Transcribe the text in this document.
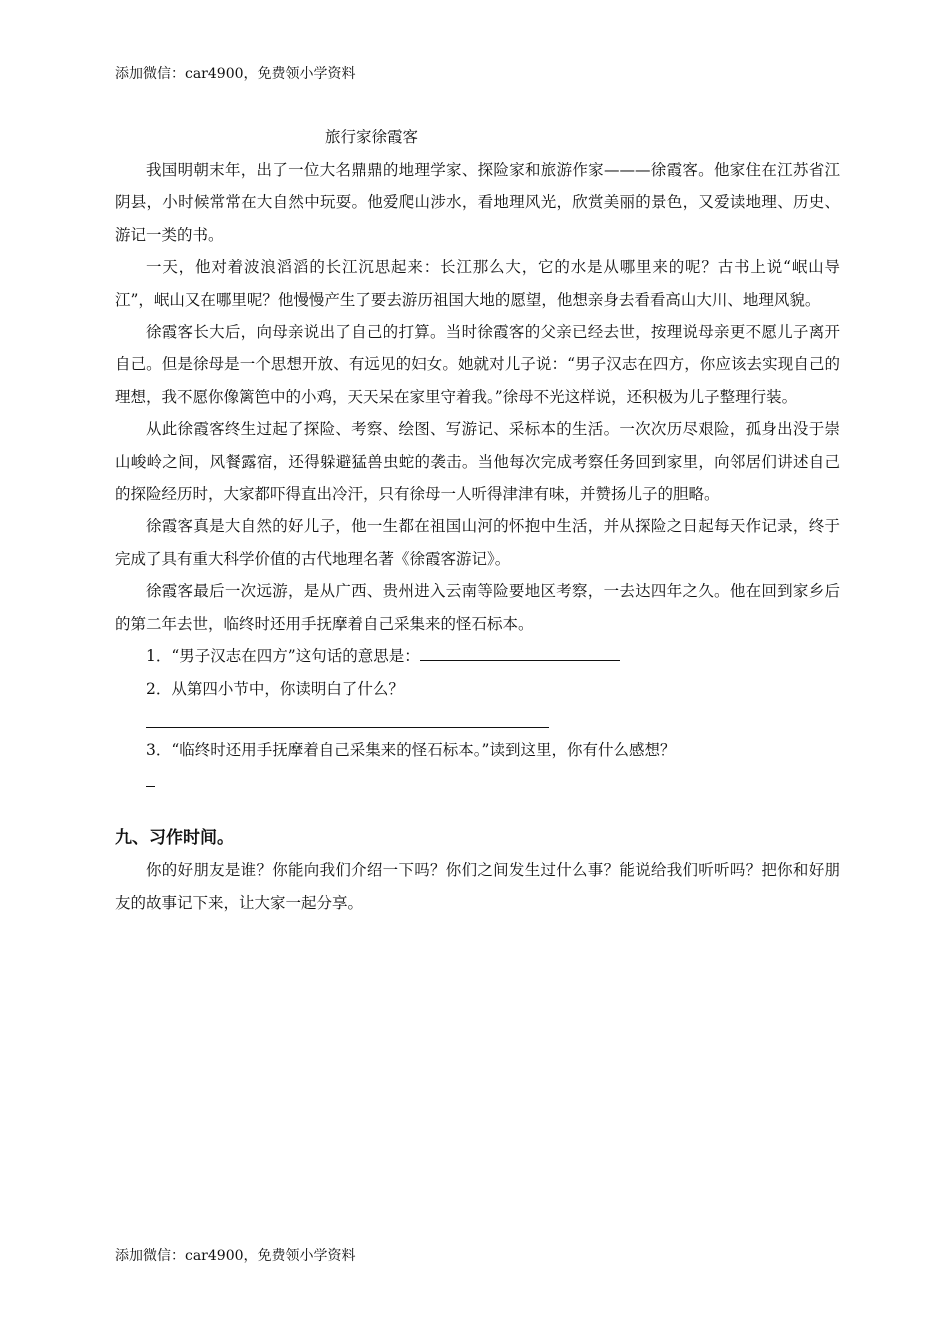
添加微信：car4900，免费领小学资料
旅行家徐霞客

我国明朝末年，出了一位大名鼎鼎的地理学家、探险家和旅游作家———徐霞客。他家住在江苏省江阴县，小时候常常在大自然中玩耍。他爱爬山涉水，看地理风光，欣赏美丽的景色，又爱读地理、历史、游记一类的书。

一天，他对着波浪滔滔的长江沉思起来：长江那么大，它的水是从哪里来的呢？古书上说“岷山导江”，岷山又在哪里呢？他慢慢产生了要去游历祖国大地的愿望，他想亲身去看看高山大川、地理风貌。

徐霞客长大后，向母亲说出了自己的打算。当时徐霞客的父亲已经去世，按理说母亲更不愿儿子离开自己。但是徐母是一个思想开放、有远见的妇女。她就对儿子说：“男子汉志在四方，你应该去实现自己的理想，我不愿你像篱笆中的小鸡，天天呆在家里守着我。”徐母不光这样说，还积极为儿子整理行装。

从此徐霞客终生过起了探险、考察、绘图、写游记、采标本的生活。一次次历尽艰险，孤身出没于崇山峻岭之间，风餐露宿，还得躲避猛兽虫蛇的袭击。当他每次完成考察任务回到家里，向邻居们讲述自己的探险经历时，大家都吓得直出冷汗，只有徐母一人听得津津有味，并赞扬儿子的胆略。

徐霞客真是大自然的好儿子，他一生都在祖国山河的怀抱中生活，并从探险之日起每天作记录，终于完成了具有重大科学价值的古代地理名著《徐霞客游记》。

徐霞客最后一次远游，是从广西、贵州进入云南等险要地区考察，一去达四年之久。他在回到家乡后的第二年去世，临终时还用手抚摩着自己采集来的怪石标本。

1．“男子汉志在四方”这句话的意思是：
2．从第四小节中，你读明白了什么？
3．“临终时还用手抚摩着自己采集来的怪石标本。”读到这里，你有什么感想？
九、习作时间。

你的好朋友是谁？你能向我们介绍一下吗？你们之间发生过什么事？能说给我们听听吗？把你和好朋友的故事记下来，让大家一起分享。

添加微信：car4900，免费领小学资料
